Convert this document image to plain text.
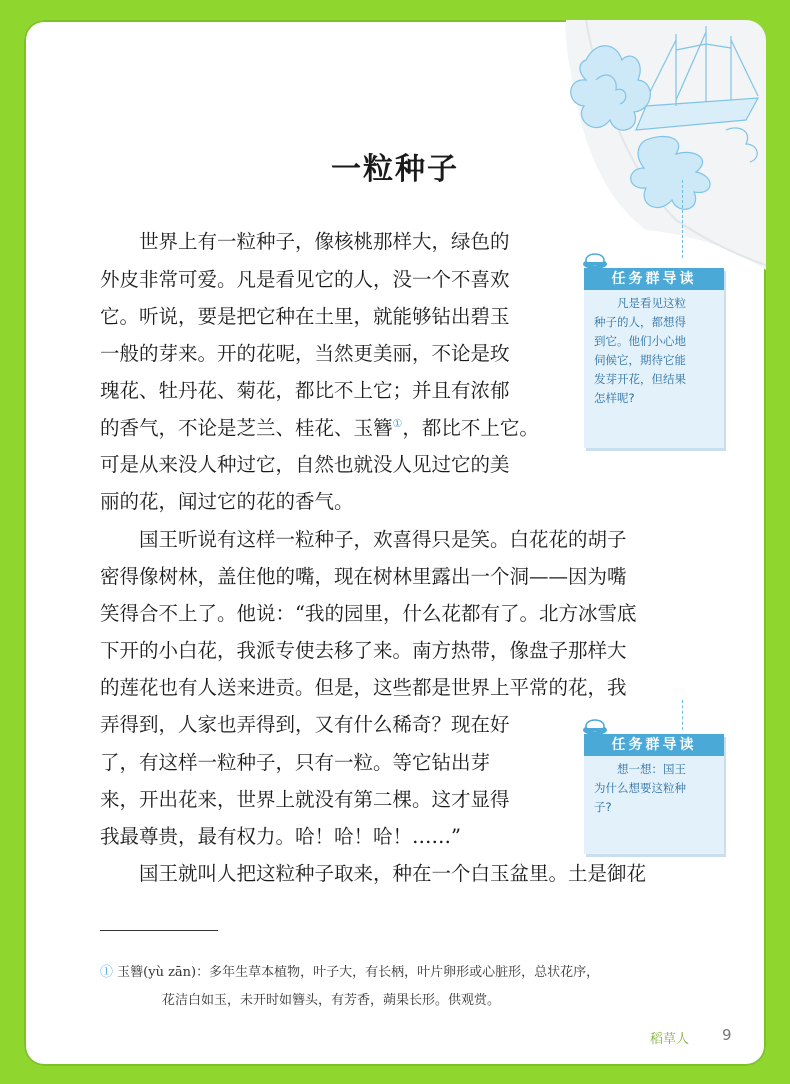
一粒种子
　　世界上有一粒种子，像核桃那样大，绿色的
外皮非常可爱。凡是看见它的人，没一个不喜欢
它。听说，要是把它种在土里，就能够钻出碧玉
一般的芽来。开的花呢，当然更美丽，不论是玫
瑰花、牡丹花、菊花，都比不上它；并且有浓郁
的香气，不论是芝兰、桂花、玉簪①，都比不上它。
可是从来没人种过它，自然也就没人见过它的美
丽的花，闻过它的花的香气。
　　国王听说有这样一粒种子，欢喜得只是笑。白花花的胡子
密得像树林，盖住他的嘴，现在树林里露出一个洞——因为嘴
笑得合不上了。他说：“我的园里，什么花都有了。北方冰雪底
下开的小白花，我派专使去移了来。南方热带，像盘子那样大
的莲花也有人送来进贡。但是，这些都是世界上平常的花，我
弄得到，人家也弄得到，又有什么稀奇？现在好
了，有这样一粒种子，只有一粒。等它钻出芽
来，开出花来，世界上就没有第二棵。这才显得
我最尊贵，最有权力。哈！哈！哈！……”
　　国王就叫人把这粒种子取来，种在一个白玉盆里。土是御花
任务群导读
　　凡是看见这粒
种子的人，都想得
到它。他们小心地
伺候它，期待它能
发芽开花，但结果
怎样呢?
任务群导读
　　想一想：国王
为什么想要这粒种
子?
① 玉簪(yù zān)：多年生草本植物，叶子大，有长柄，叶片卵形或心脏形，总状花序，
花洁白如玉，未开时如簪头，有芳香，蒴果长形。供观赏。
稻草人 9
